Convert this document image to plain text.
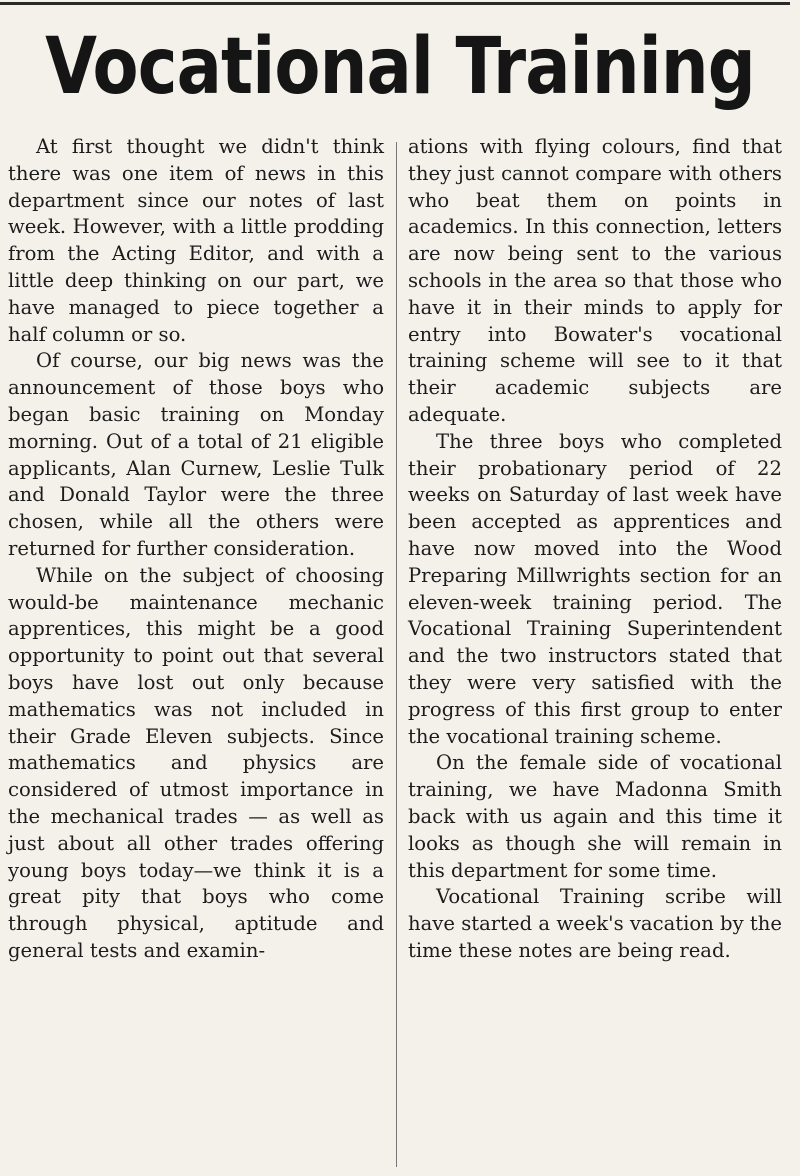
Vocational Training

At first thought we didn't think there was one item of news in this department since our notes of last week. However, with a little prodding from the Acting Editor, and with a little deep thinking on our part, we have managed to piece together a half column or so.

Of course, our big news was the announcement of those boys who began basic training on Monday morning. Out of a total of 21 eligible applicants, Alan Curnew, Leslie Tulk and Donald Taylor were the three chosen, while all the others were returned for further consideration.

While on the subject of choosing would-be maintenance mechanic apprentices, this might be a good opportunity to point out that several boys have lost out only because mathematics was not included in their Grade Eleven subjects. Since mathematics and physics are considered of utmost importance in the mechanical trades — as well as just about all other trades offering young boys today—we think it is a great pity that boys who come through physical, aptitude and general tests and examin-

ations with flying colours, find that they just cannot compare with others who beat them on points in academics. In this connection, letters are now being sent to the various schools in the area so that those who have it in their minds to apply for entry into Bowater's vocational training scheme will see to it that their academic subjects are adequate.

The three boys who completed their probationary period of 22 weeks on Saturday of last week have been accepted as apprentices and have now moved into the Wood Preparing Millwrights section for an eleven-week training period. The Vocational Training Superintendent and the two instructors stated that they were very satisfied with the progress of this first group to enter the vocational training scheme.

On the female side of vocational training, we have Madonna Smith back with us again and this time it looks as though she will remain in this department for some time.

Vocational Training scribe will have started a week's vacation by the time these notes are being read.
